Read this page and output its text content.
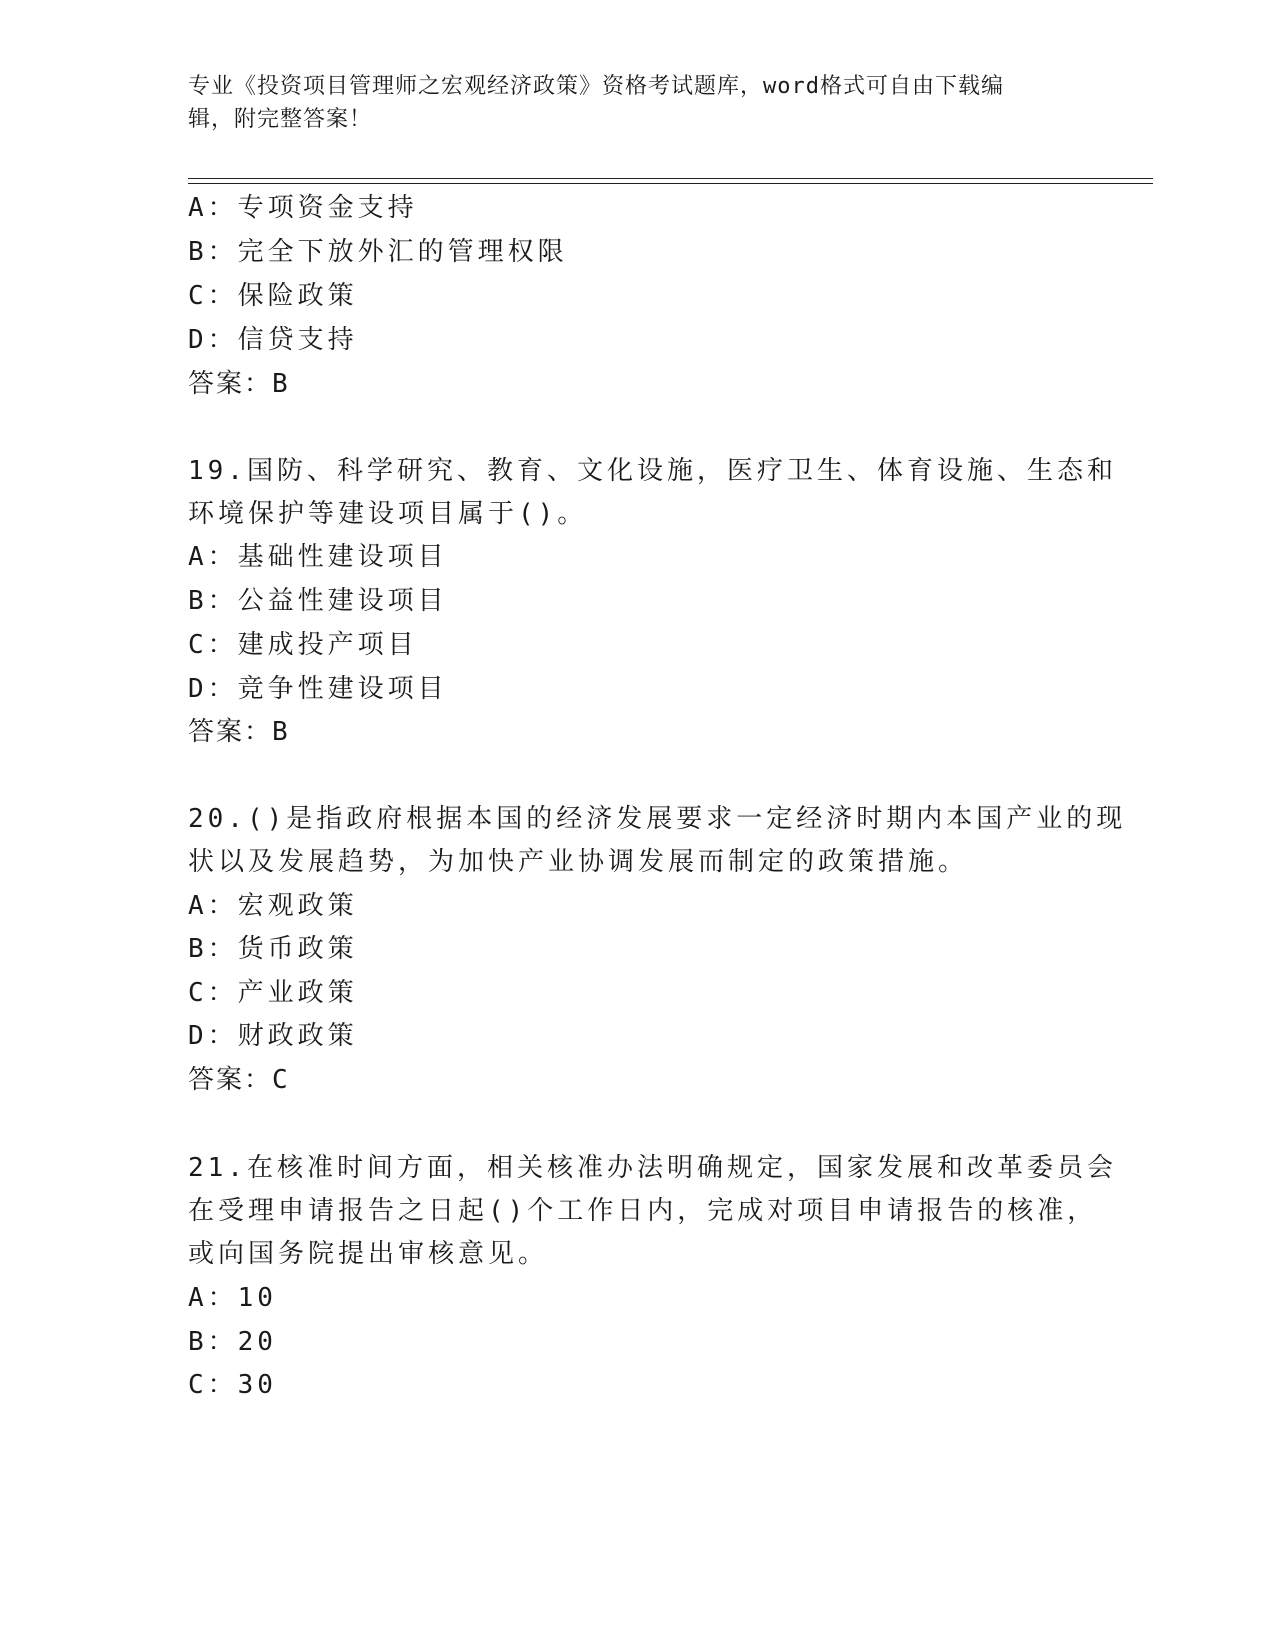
专业《投资项目管理师之宏观经济政策》资格考试题库，word格式可自由下载编
辑，附完整答案！
A：专项资金支持
B：完全下放外汇的管理权限
C：保险政策
D：信贷支持
答案：B
19.国防、科学研究、教育、文化设施，医疗卫生、体育设施、生态和
环境保护等建设项目属于()。
A：基础性建设项目
B：公益性建设项目
C：建成投产项目
D：竞争性建设项目
答案：B
20.()是指政府根据本国的经济发展要求一定经济时期内本国产业的现
状以及发展趋势，为加快产业协调发展而制定的政策措施。
A：宏观政策
B：货币政策
C：产业政策
D：财政政策
答案：C
21.在核准时间方面，相关核准办法明确规定，国家发展和改革委员会
在受理申请报告之日起()个工作日内，完成对项目申请报告的核准，
或向国务院提出审核意见。
A：10
B：20
C：30
